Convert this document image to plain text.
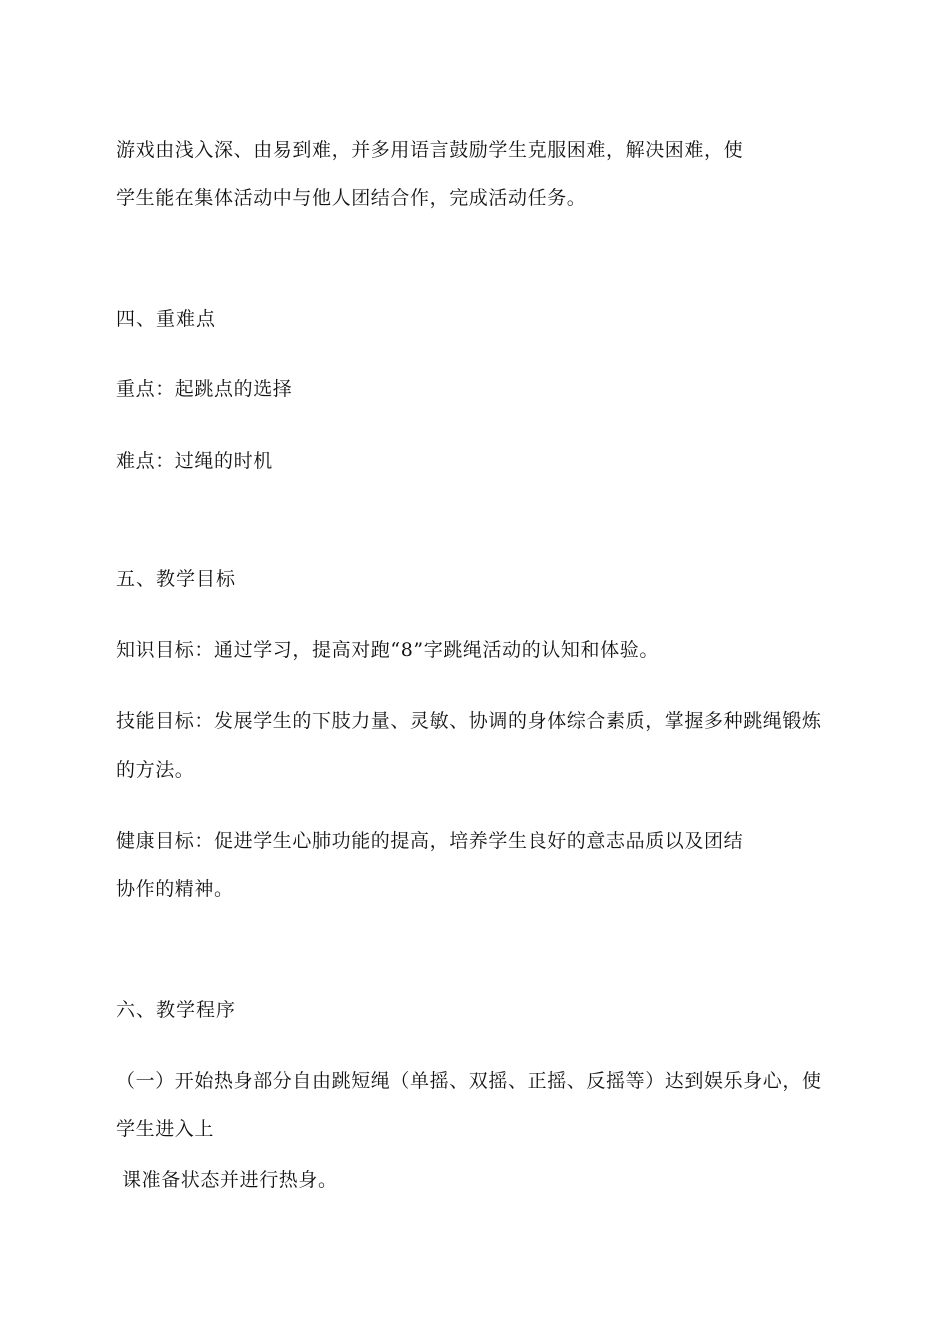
游戏由浅入深、由易到难，并多用语言鼓励学生克服困难，解决困难，使
学生能在集体活动中与他人团结合作，完成活动任务。
四、重难点
重点：起跳点的选择
难点：过绳的时机
五、教学目标
知识目标：通过学习，提高对跑“8”字跳绳活动的认知和体验。
技能目标：发展学生的下肢力量、灵敏、协调的身体综合素质，掌握多种跳绳锻炼
的方法。
健康目标：促进学生心肺功能的提高，培养学生良好的意志品质以及团结
协作的精神。
六、教学程序
（一）开始热身部分自由跳短绳（单摇、双摇、正摇、反摇等）达到娱乐身心，使
学生进入上
课准备状态并进行热身。
